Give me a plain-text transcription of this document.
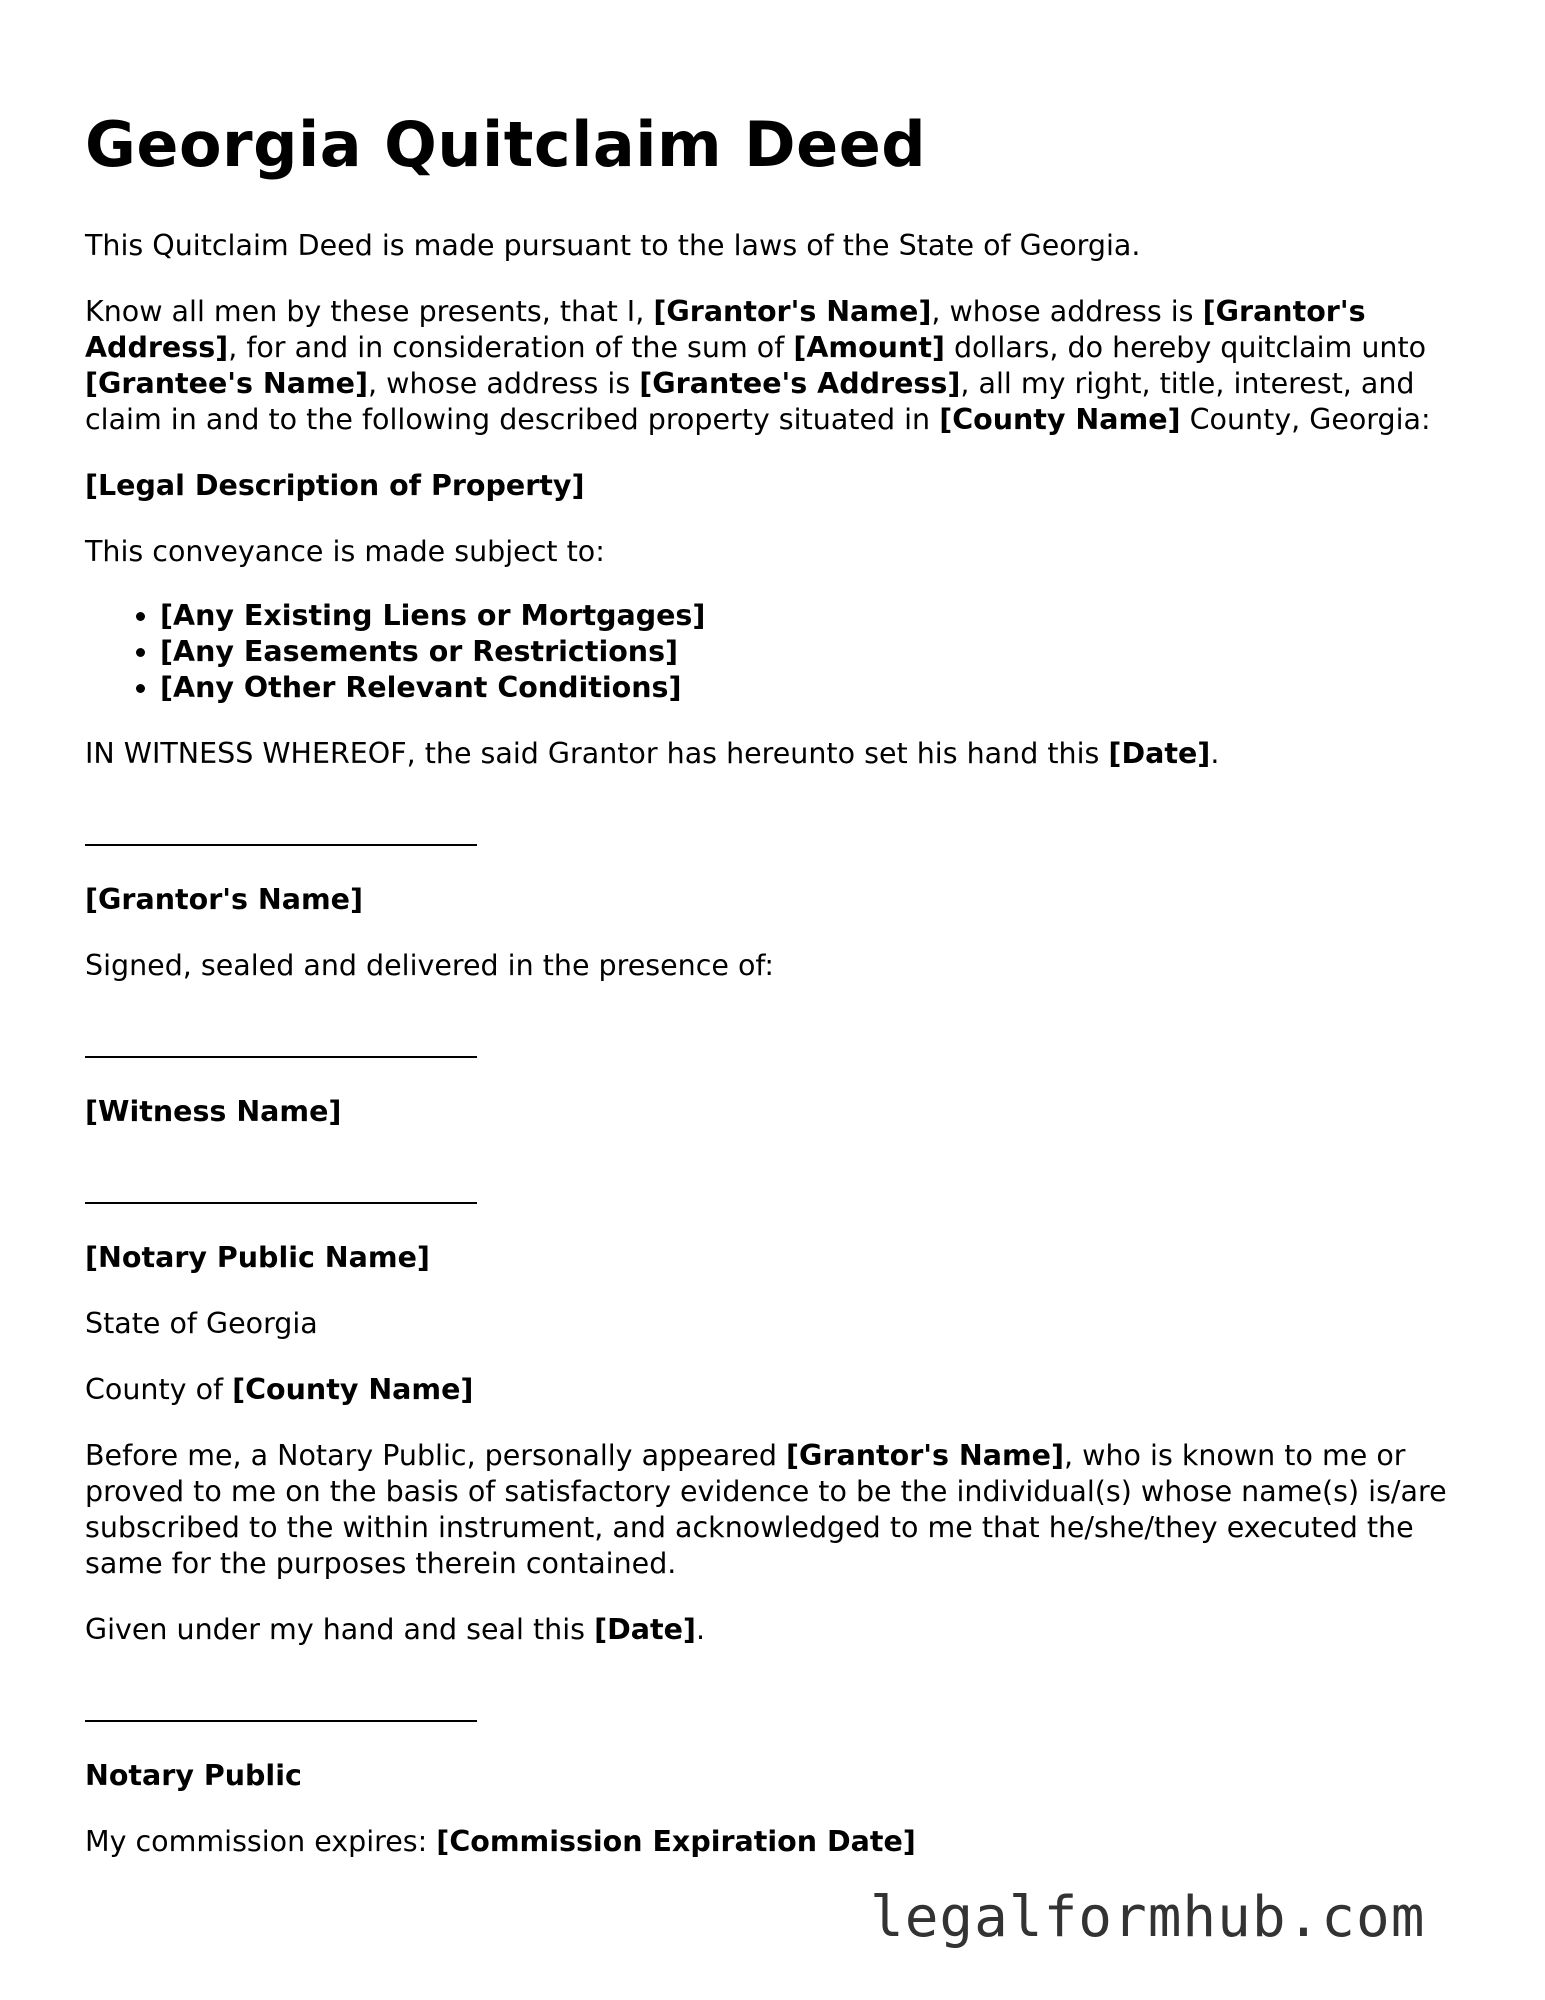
Georgia Quitclaim Deed

This Quitclaim Deed is made pursuant to the laws of the State of Georgia.

Know all men by these presents, that I, [Grantor's Name], whose address is [Grantor's Address], for and in consideration of the sum of [Amount] dollars, do hereby quitclaim unto [Grantee's Name], whose address is [Grantee's Address], all my right, title, interest, and claim in and to the following described property situated in [County Name] County, Georgia:

[Legal Description of Property]

This conveyance is made subject to:

• [Any Existing Liens or Mortgages]
• [Any Easements or Restrictions]
• [Any Other Relevant Conditions]

IN WITNESS WHEREOF, the said Grantor has hereunto set his hand this [Date].

[Grantor's Name]

Signed, sealed and delivered in the presence of:

[Witness Name]

[Notary Public Name]

State of Georgia

County of [County Name]

Before me, a Notary Public, personally appeared [Grantor's Name], who is known to me or proved to me on the basis of satisfactory evidence to be the individual(s) whose name(s) is/are subscribed to the within instrument, and acknowledged to me that he/she/they executed the same for the purposes therein contained.

Given under my hand and seal this [Date].

Notary Public

My commission expires: [Commission Expiration Date]

legalformhub.com
